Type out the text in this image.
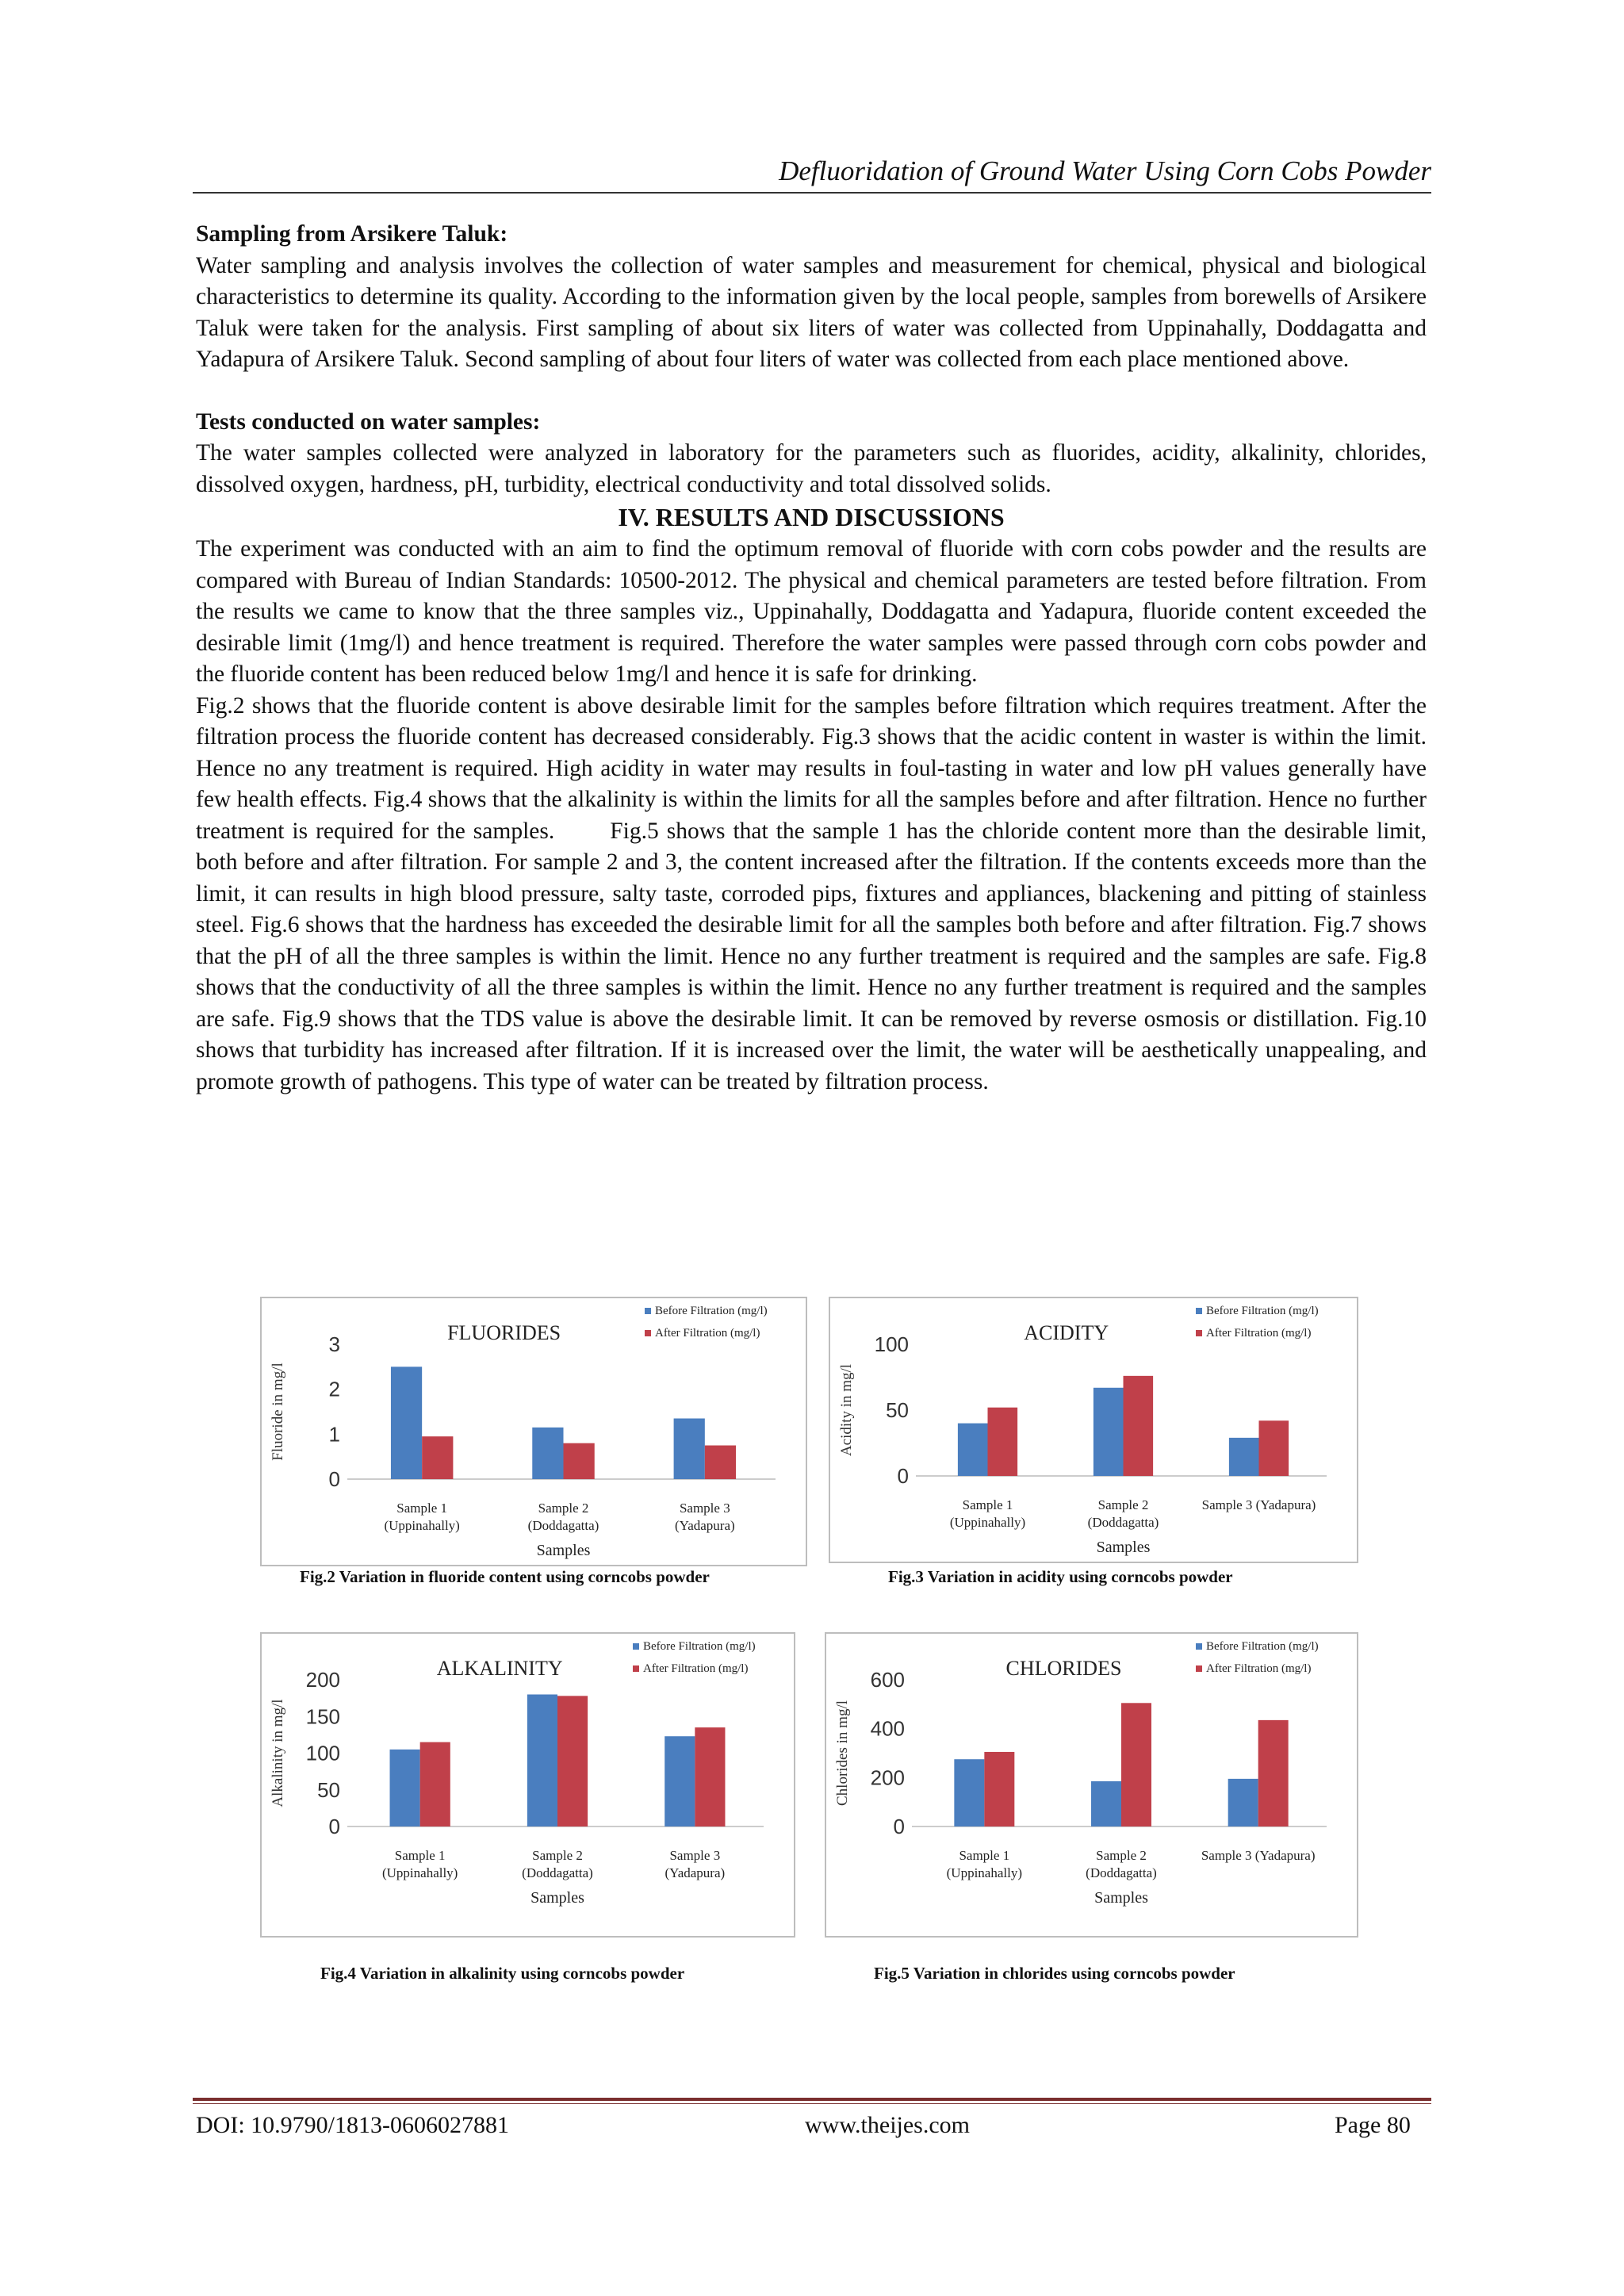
Defluoridation of Ground Water Using Corn Cobs Powder

Sampling from Arsikere Taluk:

Water sampling and analysis involves the collection of water samples and measurement for chemical, physical and biological characteristics to determine its quality. According to the information given by the local people, samples from borewells of Arsikere Taluk were taken for the analysis. First sampling of about six liters of water was collected from Uppinahally, Doddagatta and Yadapura of Arsikere Taluk. Second sampling of about four liters of water was collected from each place mentioned above.

Tests conducted on water samples:

The water samples collected were analyzed in laboratory for the parameters such as fluorides, acidity, alkalinity, chlorides, dissolved oxygen, hardness, pH, turbidity, electrical conductivity and total dissolved solids.

IV. RESULTS AND DISCUSSIONS

The experiment was conducted with an aim to find the optimum removal of fluoride with corn cobs powder and the results are compared with Bureau of Indian Standards: 10500-2012. The physical and chemical parameters are tested before filtration. From the results we came to know that the three samples viz., Uppinahally, Doddagatta and Yadapura, fluoride content exceeded the desirable limit (1mg/l) and hence treatment is required. Therefore the water samples were passed through corn cobs powder and the fluoride content has been reduced below 1mg/l and hence it is safe for drinking.

Fig.2 shows that the fluoride content is above desirable limit for the samples before filtration which requires treatment. After the filtration process the fluoride content has decreased considerably. Fig.3 shows that the acidic content in waster is within the limit. Hence no any treatment is required. High acidity in water may results in foul-tasting in water and low pH values generally have few health effects. Fig.4 shows that the alkalinity is within the limits for all the samples before and after filtration. Hence no further treatment is required for the samples. Fig.5 shows that the sample 1 has the chloride content more than the desirable limit, both before and after filtration. For sample 2 and 3, the content increased after the filtration. If the contents exceeds more than the limit, it can results in high blood pressure, salty taste, corroded pips, fixtures and appliances, blackening and pitting of stainless steel. Fig.6 shows that the hardness has exceeded the desirable limit for all the samples both before and after filtration. Fig.7 shows that the pH of all the three samples is within the limit. Hence no any further treatment is required and the samples are safe. Fig.8 shows that the conductivity of all the three samples is within the limit. Hence no any further treatment is required and the samples are safe. Fig.9 shows that the TDS value is above the desirable limit. It can be removed by reverse osmosis or distillation. Fig.10 shows that turbidity has increased after filtration. If it is increased over the limit, the water will be aesthetically unappealing, and promote growth of pathogens. This type of water can be treated by filtration process.

FLUORIDES
Before Filtration (mg/l)
After Filtration (mg/l)
0
1
2
3
Fluoride in mg/l
Sample 1
(Uppinahally)
Sample 2
(Doddagatta)
Sample 3
(Yadapura)
Samples
Fig.2 Variation in fluoride content using corncobs powder
ACIDITY
Before Filtration (mg/l)
After Filtration (mg/l)
0
50
100
Acidity in mg/l
Sample 1
(Uppinahally)
Sample 2
(Doddagatta)
Sample 3 (Yadapura)
Samples
Fig.3 Variation in acidity using corncobs powder
ALKALINITY
Before Filtration (mg/l)
After Filtration (mg/l)
0
50
100
150
200
Alkalinity in mg/l
Sample 1
(Uppinahally)
Sample 2
(Doddagatta)
Sample 3
(Yadapura)
Samples
Fig.4 Variation in alkalinity using corncobs powder
CHLORIDES
Before Filtration (mg/l)
After Filtration (mg/l)
0
200
400
600
Chlorides in mg/l
Sample 1
(Uppinahally)
Sample 2
(Doddagatta)
Sample 3 (Yadapura)
Samples
Fig.5 Variation in chlorides using corncobs powder
DOI: 10.9790/1813-0606027881	www.theijes.com	Page 80
